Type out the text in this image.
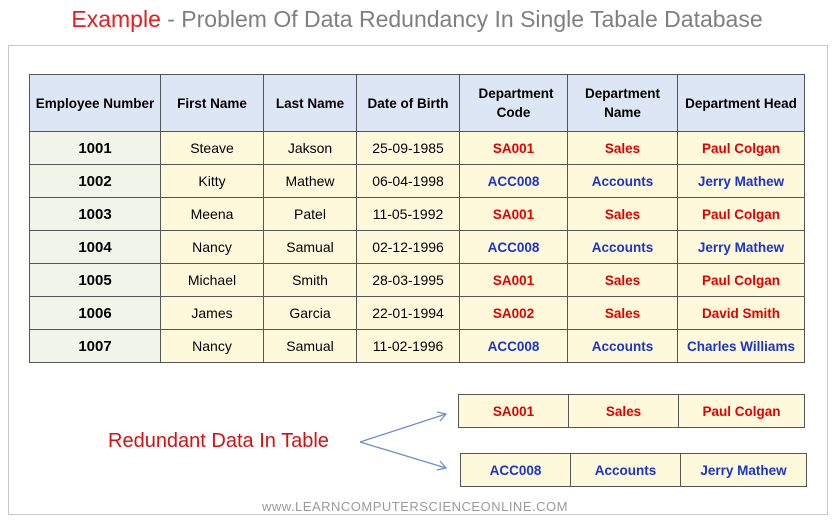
Example - Problem Of Data Redundancy In Single Tabale Database
Employee Number	First Name	Last Name	Date of Birth	Department Code	Department Name	Department Head
1001	Steave	Jakson	25-09-1985	SA001	Sales	Paul Colgan
1002	Kitty	Mathew	06-04-1998	ACC008	Accounts	Jerry Mathew
1003	Meena	Patel	11-05-1992	SA001	Sales	Paul Colgan
1004	Nancy	Samual	02-12-1996	ACC008	Accounts	Jerry Mathew
1005	Michael	Smith	28-03-1995	SA001	Sales	Paul Colgan
1006	James	Garcia	22-01-1994	SA002	Sales	David Smith
1007	Nancy	Samual	11-02-1996	ACC008	Accounts	Charles Williams
SA001	Sales	Paul Colgan
ACC008	Accounts	Jerry Mathew
Redundant Data In Table
www.LEARNCOMPUTERSCIENCEONLINE.COM
